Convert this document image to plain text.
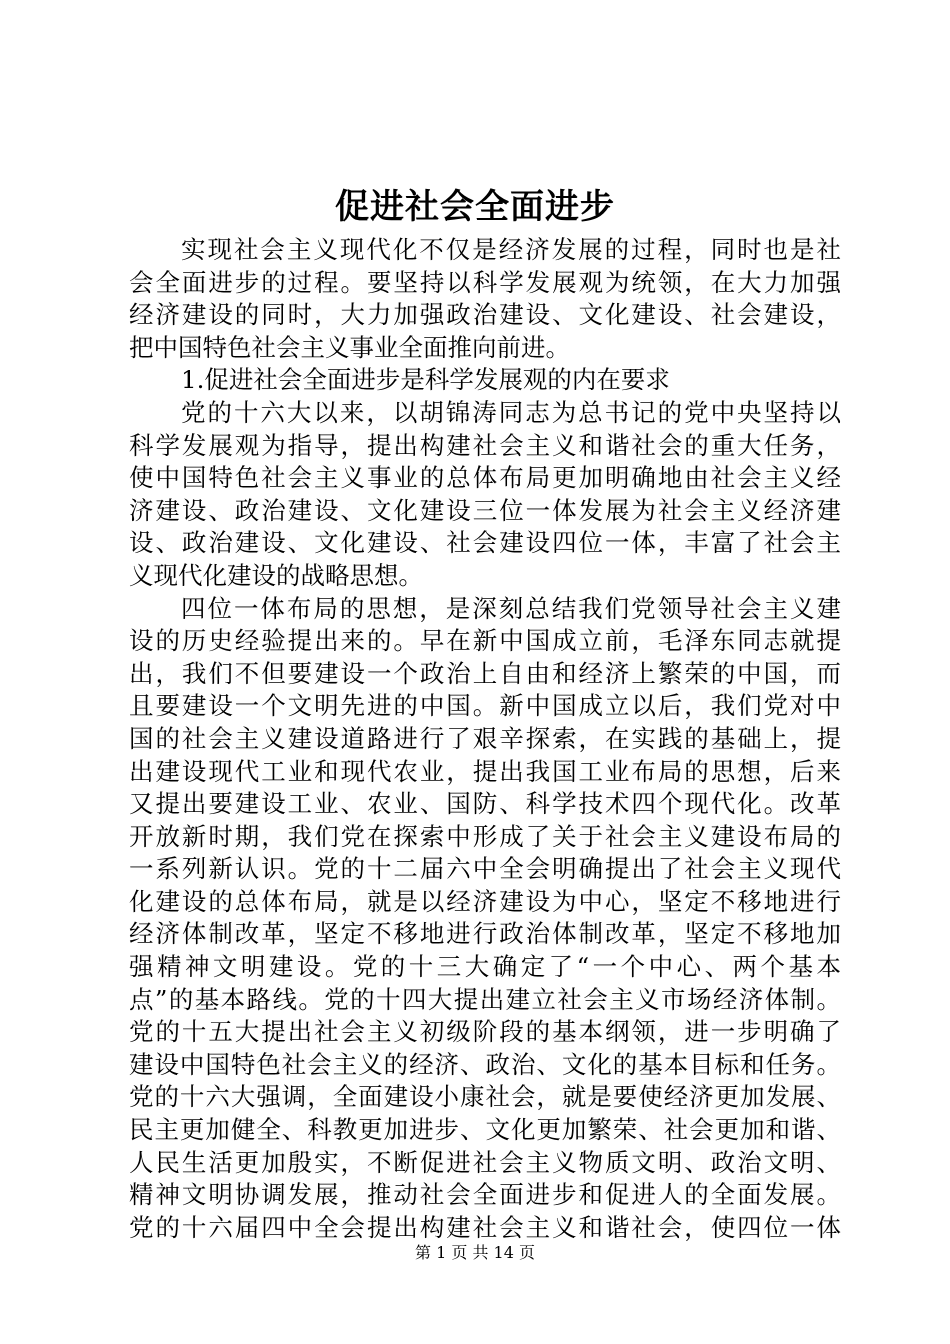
促进社会全面进步
实现社会主义现代化不仅是经济发展的过程，同时也是社
会全面进步的过程。要坚持以科学发展观为统领，在大力加强
经济建设的同时，大力加强政治建设、文化建设、社会建设，
把中国特色社会主义事业全面推向前进。
1.促进社会全面进步是科学发展观的内在要求
党的十六大以来，以胡锦涛同志为总书记的党中央坚持以
科学发展观为指导，提出构建社会主义和谐社会的重大任务，
使中国特色社会主义事业的总体布局更加明确地由社会主义经
济建设、政治建设、文化建设三位一体发展为社会主义经济建
设、政治建设、文化建设、社会建设四位一体，丰富了社会主
义现代化建设的战略思想。
四位一体布局的思想，是深刻总结我们党领导社会主义建
设的历史经验提出来的。早在新中国成立前，毛泽东同志就提
出，我们不但要建设一个政治上自由和经济上繁荣的中国，而
且要建设一个文明先进的中国。新中国成立以后，我们党对中
国的社会主义建设道路进行了艰辛探索，在实践的基础上，提
出建设现代工业和现代农业，提出我国工业布局的思想，后来
又提出要建设工业、农业、国防、科学技术四个现代化。改革
开放新时期，我们党在探索中形成了关于社会主义建设布局的
一系列新认识。党的十二届六中全会明确提出了社会主义现代
化建设的总体布局，就是以经济建设为中心，坚定不移地进行
经济体制改革，坚定不移地进行政治体制改革，坚定不移地加
强精神文明建设。党的十三大确定了“一个中心、两个基本
点”的基本路线。党的十四大提出建立社会主义市场经济体制。
党的十五大提出社会主义初级阶段的基本纲领，进一步明确了
建设中国特色社会主义的经济、政治、文化的基本目标和任务。
党的十六大强调，全面建设小康社会，就是要使经济更加发展、
民主更加健全、科教更加进步、文化更加繁荣、社会更加和谐、
人民生活更加殷实，不断促进社会主义物质文明、政治文明、
精神文明协调发展，推动社会全面进步和促进人的全面发展。
党的十六届四中全会提出构建社会主义和谐社会，使四位一体
第 1 页 共 14 页
